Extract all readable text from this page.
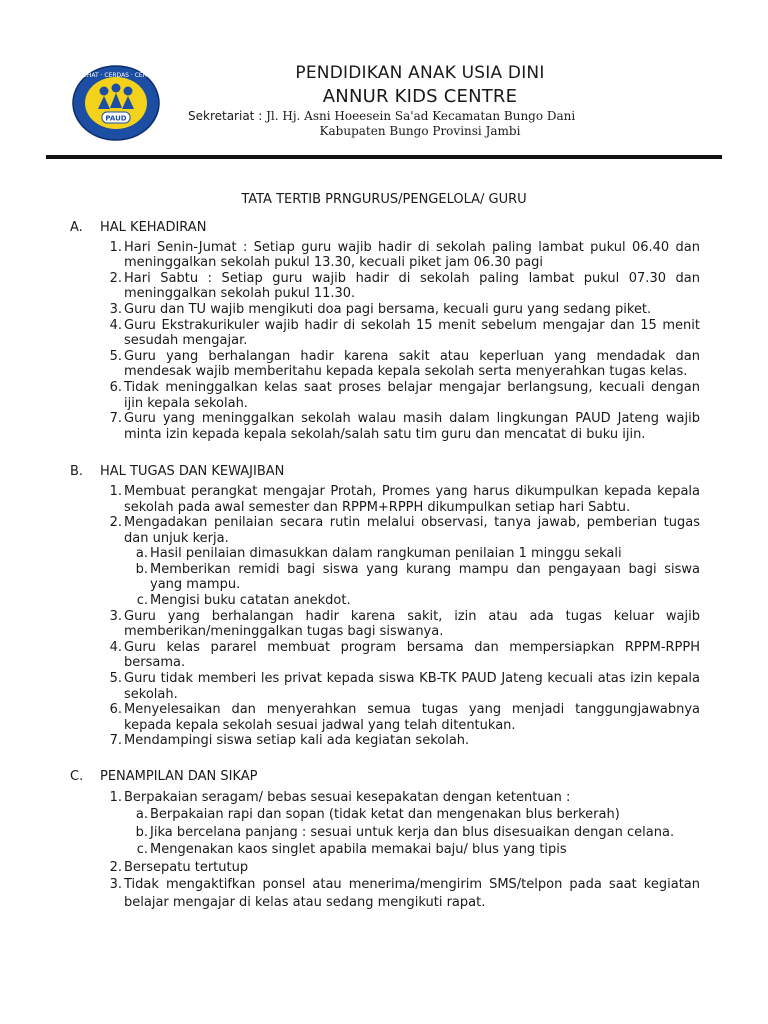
SEHAT · CERDAS · CERIA
PAUD
PENDIDIKAN ANAK USIA DINI
ANNUR KIDS CENTRE
Sekretariat : Jl. Hj. Asni Hoeesein Sa'ad Kecamatan Bungo Dani
Kabupaten Bungo Provinsi Jambi
TATA TERTIB PRNGURUS/PENGELOLA/ GURU
A.	HAL KEHADIRAN
1. Hari Senin-Jumat : Setiap guru wajib hadir di sekolah paling lambat pukul 06.40 dan meninggalkan sekolah pukul 13.30, kecuali piket jam 06.30 pagi
2. Hari Sabtu : Setiap guru wajib hadir di sekolah paling lambat pukul 07.30 dan meninggalkan sekolah pukul 11.30.
3. Guru dan TU wajib mengikuti doa pagi bersama, kecuali guru yang sedang piket.
4. Guru Ekstrakurikuler wajib hadir di sekolah 15 menit sebelum mengajar dan 15 menit sesudah mengajar.
5. Guru yang berhalangan hadir karena sakit atau keperluan yang mendadak dan mendesak wajib memberitahu kepada kepala sekolah serta menyerahkan tugas kelas.
6. Tidak meninggalkan kelas saat proses belajar mengajar berlangsung, kecuali dengan ijin kepala sekolah.
7. Guru yang meninggalkan sekolah walau masih dalam lingkungan PAUD Jateng wajib minta izin kepada kepala sekolah/salah satu tim guru dan mencatat di buku ijin.
B.	HAL TUGAS DAN KEWAJIBAN
1. Membuat perangkat mengajar Protah, Promes yang harus dikumpulkan kepada kepala sekolah pada awal semester dan RPPM+RPPH dikumpulkan setiap hari Sabtu.
2. Mengadakan penilaian secara rutin melalui observasi, tanya jawab, pemberian tugas dan unjuk kerja.
a. Hasil penilaian dimasukkan dalam rangkuman penilaian 1 minggu sekali
b. Memberikan remidi bagi siswa yang kurang mampu dan pengayaan bagi siswa yang mampu.
c. Mengisi buku catatan anekdot.
3. Guru yang berhalangan hadir karena sakit, izin atau ada tugas keluar wajib memberikan/meninggalkan tugas bagi siswanya.
4. Guru kelas pararel membuat program bersama dan mempersiapkan RPPM-RPPH bersama.
5. Guru tidak memberi les privat kepada siswa KB-TK PAUD Jateng kecuali atas izin kepala sekolah.
6. Menyelesaikan dan menyerahkan semua tugas yang menjadi tanggungjawabnya kepada kepala sekolah sesuai jadwal yang telah ditentukan.
7. Mendampingi siswa setiap kali ada kegiatan sekolah.
C.	PENAMPILAN DAN SIKAP
1. Berpakaian seragam/ bebas sesuai kesepakatan dengan ketentuan :
a. Berpakaian rapi dan sopan (tidak ketat dan mengenakan blus berkerah)
b. Jika bercelana panjang : sesuai untuk kerja dan blus disesuaikan dengan celana.
c. Mengenakan kaos singlet apabila memakai baju/ blus yang tipis
2. Bersepatu tertutup
3. Tidak mengaktifkan ponsel atau menerima/mengirim SMS/telpon pada saat kegiatan belajar mengajar di kelas atau sedang mengikuti rapat.
